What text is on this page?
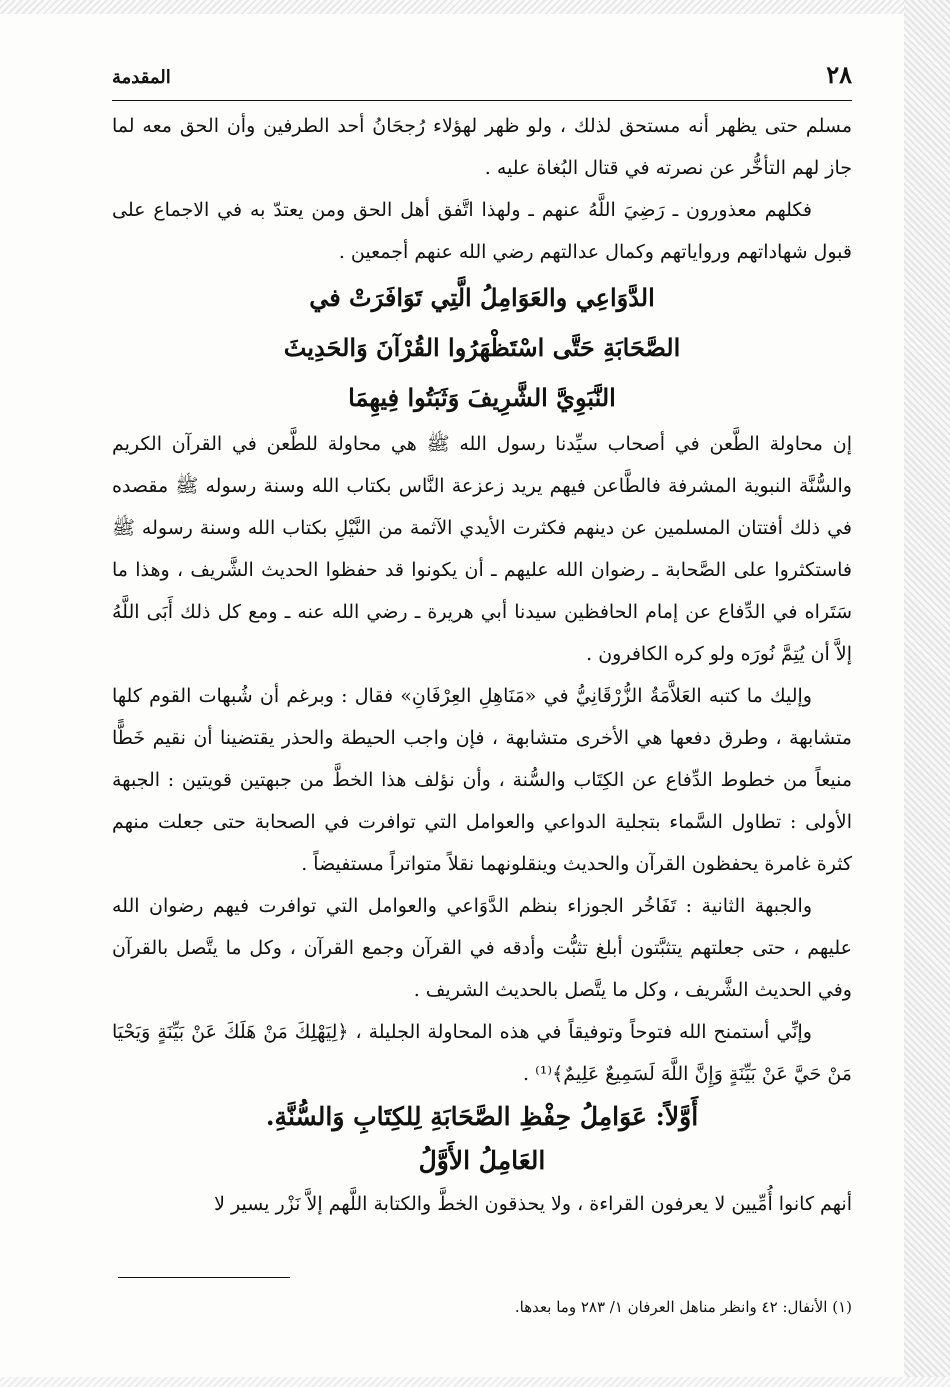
٢٨
المقدمة

مسلم حتى يظهر أنه مستحق لذلك ، ولو ظهر لهؤلاء رُجحَانُ أحد الطرفين وأن الحق معه لما جاز لهم التأخُّر عن نصرته في قتال البُغاة عليه .

فكلهم معذورون ـ رَضِيَ اللَّهُ عنهم ـ ولهذا اتَّفق أهل الحق ومن يعتدّ به في الاجماع على قبول شهاداتهم ورواياتهم وكمال عدالتهم رضي الله عنهم أجمعين .

الدَّوَاعِي والعَوَامِلُ الَّتِي تَوَافَرَتْ في

الصَّحَابَةِ حَتَّى اسْتَظْهَرُوا القُرْآنَ وَالحَدِيثَ

النَّبَوِيَّ الشَّرِيفَ وَثَبَتُوا فِيهِمَا

إن محاولة الطَّعن في أصحاب سيِّدنا رسول الله ﷺ هي محاولة للطَّعن في القرآن الكريم والسُّنَّة النبوية المشرفة فالطَّاعن فيهم يريد زعزعة النَّاس بكتاب الله وسنة رسوله ﷺ مقصده في ذلك أفتتان المسلمين عن دينهم فكثرت الأيدي الآثمة من النَّيْلِ بكتاب الله وسنة رسوله ﷺ فاستكثروا على الصَّحابة ـ رضوان الله عليهم ـ أن يكونوا قد حفظوا الحديث الشَّريف ، وهذا ما سَتَراه في الدِّفاع عن إمام الحافظين سيدنا أبي هريرة ـ رضي الله عنه ـ ومع كل ذلك أَبَى اللَّهُ إلاَّ أن يُتِمَّ نُورَه ولو كره الكافرون .

وإليك ما كتبه العَلاَّمَةُ الزُّرْقَانِيُّ في «مَنَاهِلِ العِرْفَانِ» فقال : وبرغم أن شُبهات القوم كلها متشابهة ، وطرق دفعها هي الأخرى متشابهة ، فإن واجب الحيطة والحذر يقتضينا أن نقيم خَطًّا منيعاً من خطوط الدِّفاع عن الكِتَاب والسُّنة ، وأن نؤلف هذا الخطَّ من جبهتين قويتين : الجبهة الأولى : تطاول السَّماء بتجلية الدواعي والعوامل التي توافرت في الصحابة حتى جعلت منهم كثرة غامرة يحفظون القرآن والحديث وينقلونهما نقلاً متواتراً مستفيضاً .

والجبهة الثانية : تَفَاخُر الجوزاء بنظم الدَّوَاعي والعوامل التي توافرت فيهم رضوان الله عليهم ، حتى جعلتهم يتثبَّتون أبلغ تثبُّت وأدقه في القرآن وجمع القرآن ، وكل ما يتَّصل بالقرآن وفي الحديث الشَّريف ، وكل ما يتَّصل بالحديث الشريف .

وإنِّي أستمنح الله فتوحاً وتوفيقاً في هذه المحاولة الجليلة ، ﴿لِيَهْلِكَ مَنْ هَلَكَ عَنْ بَيِّنَةٍ وَيَحْيَا مَنْ حَيَّ عَنْ بَيِّنَةٍ وَإِنَّ اللَّهَ لَسَمِيعٌ عَلِيمٌ﴾⁽¹⁾ .

أَوَّلاً: عَوَامِلُ حِفْظِ الصَّحَابَةِ لِلكِتَابِ وَالسُّنَّةِ.

العَامِلُ الأَوَّلُ

أنهم كانوا أُمِّيين لا يعرفون القراءة ، ولا يحذقون الخطَّ والكتابة اللَّهم إلاَّ نَزْر يسير لا

(١) الأنفال: ٤٢ وانظر مناهل العرفان ١/ ٢٨٣ وما بعدها.
